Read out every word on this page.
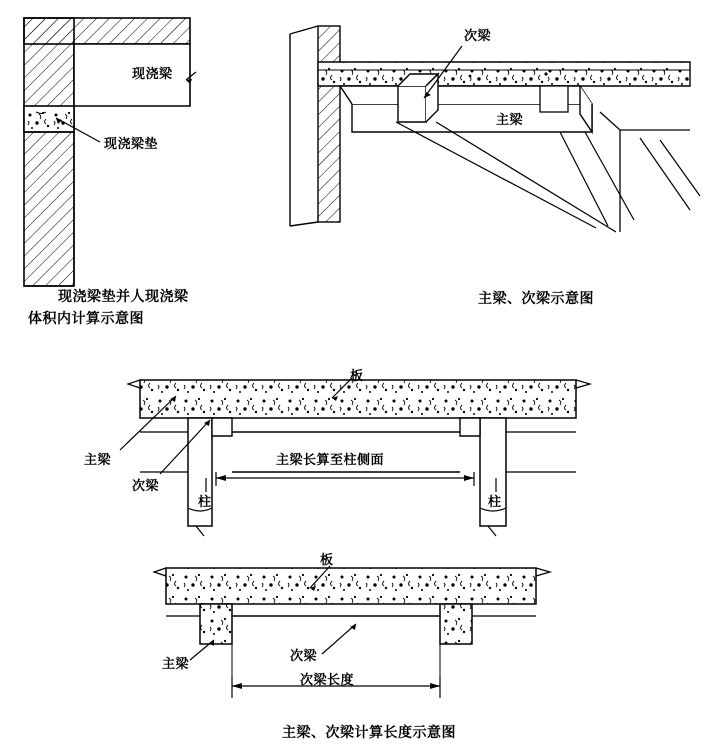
现浇梁
现浇梁垫
现浇梁垫并人现浇梁
体积内计算示意图
次梁
主梁
主梁、次梁示意图
板
主梁
次梁
柱	柱
主梁长算至柱侧面
板
主梁
次梁
次梁长度
主梁、次梁计算长度示意图
